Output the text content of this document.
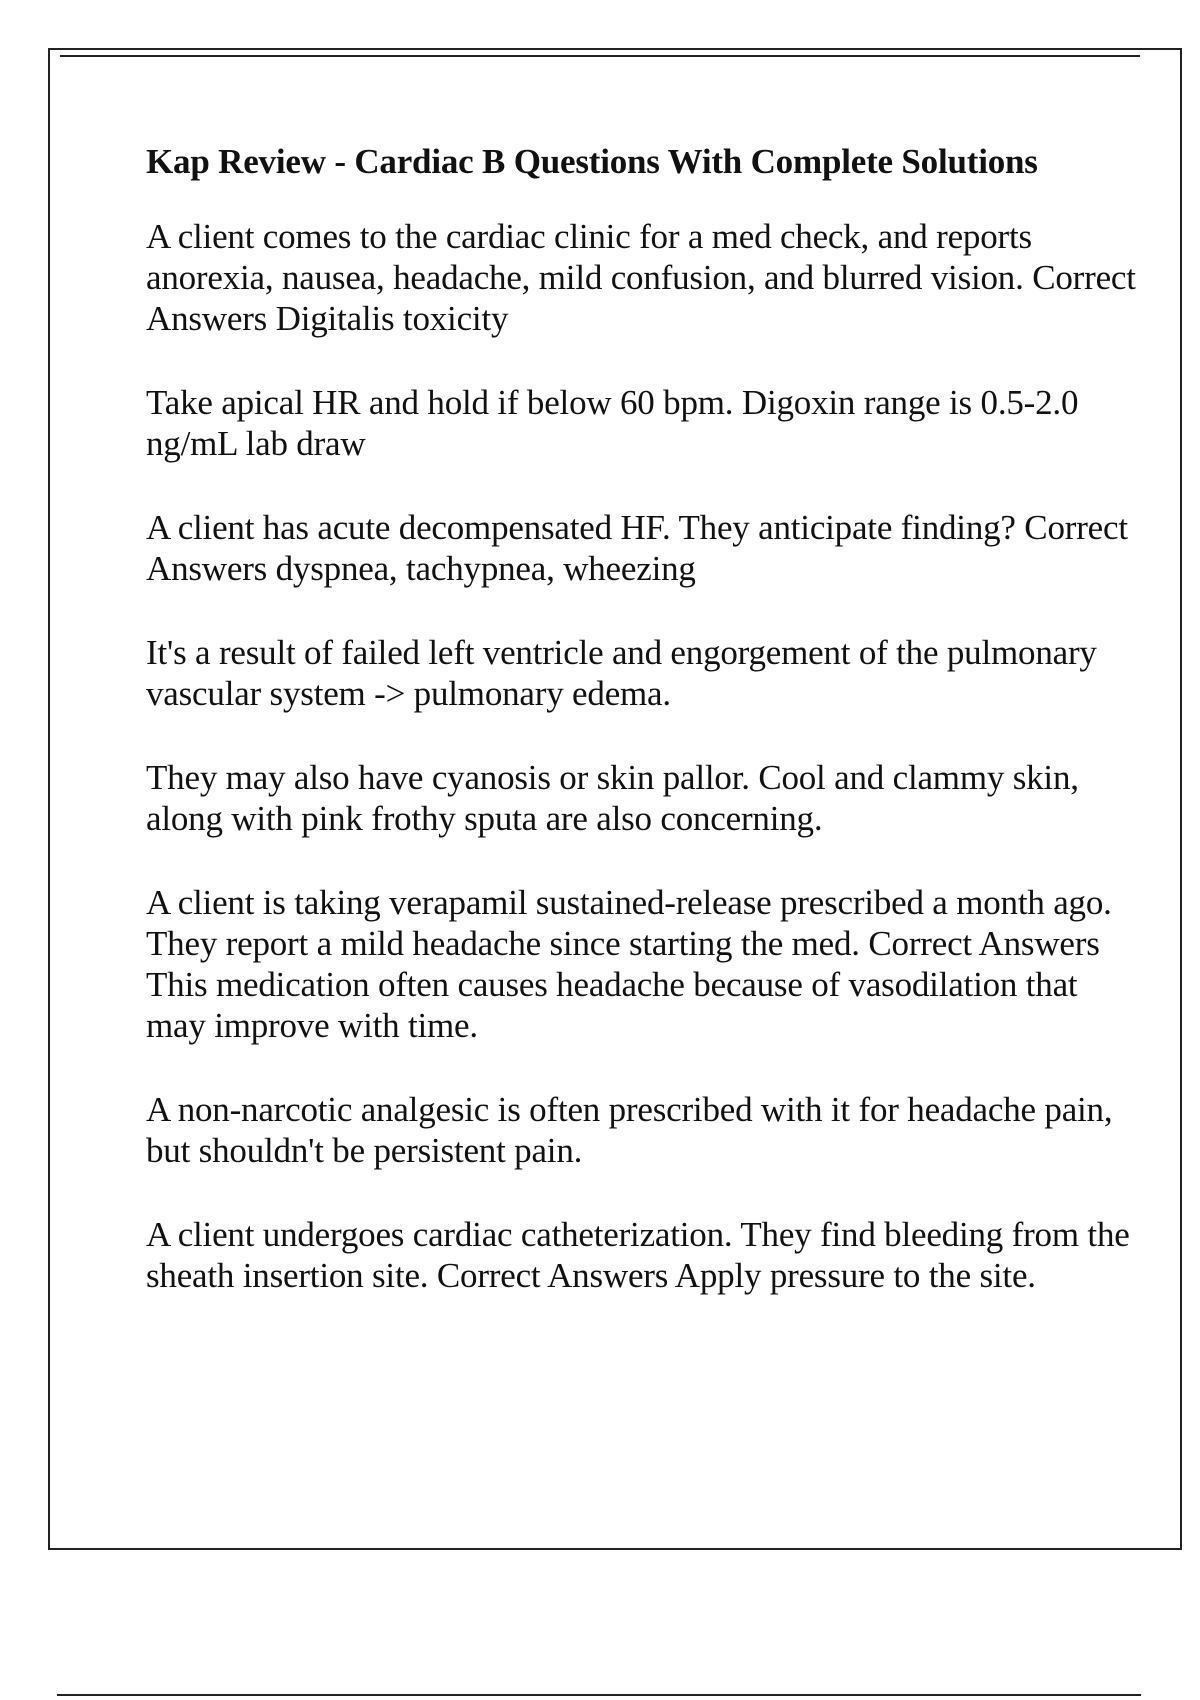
Kap Review - Cardiac B Questions With Complete Solutions

A client comes to the cardiac clinic for a med check, and reports anorexia, nausea, headache, mild confusion, and blurred vision. Correct Answers Digitalis toxicity

Take apical HR and hold if below 60 bpm. Digoxin range is 0.5-2.0 ng/mL lab draw

A client has acute decompensated HF. They anticipate finding? Correct Answers dyspnea, tachypnea, wheezing

It's a result of failed left ventricle and engorgement of the pulmonary vascular system -> pulmonary edema.

They may also have cyanosis or skin pallor. Cool and clammy skin, along with pink frothy sputa are also concerning.

A client is taking verapamil sustained-release prescribed a month ago. They report a mild headache since starting the med. Correct Answers This medication often causes headache because of vasodilation that may improve with time.

A non-narcotic analgesic is often prescribed with it for headache pain, but shouldn't be persistent pain.

A client undergoes cardiac catheterization. They find bleeding from the sheath insertion site. Correct Answers Apply pressure to the site.
